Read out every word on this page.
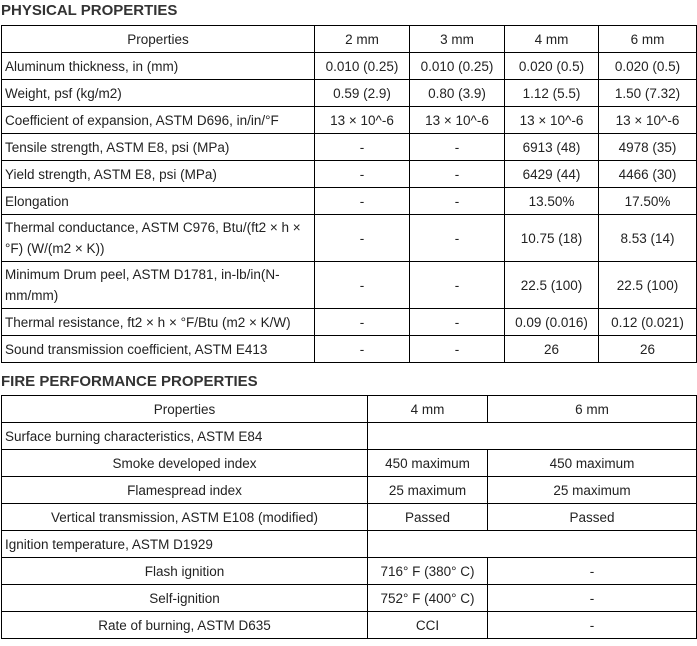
PHYSICAL PROPERTIES
Properties	2 mm	3 mm	4 mm	6 mm
Aluminum thickness, in (mm)	0.010 (0.25)	0.010 (0.25)	0.020 (0.5)	0.020 (0.5)
Weight, psf (kg/m2)	0.59 (2.9)	0.80 (3.9)	1.12 (5.5)	1.50 (7.32)
Coefficient of expansion, ASTM D696, in/in/°F	13 × 10^-6	13 × 10^-6	13 × 10^-6	13 × 10^-6
Tensile strength, ASTM E8, psi (MPa)	-	-	6913 (48)	4978 (35)
Yield strength, ASTM E8, psi (MPa)	-	-	6429 (44)	4466 (30)
Elongation	-	-	13.50%	17.50%
Thermal conductance, ASTM C976, Btu/(ft2 × h × °F) (W/(m2 × K))	-	-	10.75 (18)	8.53 (14)
Minimum Drum peel, ASTM D1781, in-lb/in(N-mm/mm)	-	-	22.5 (100)	22.5 (100)
Thermal resistance, ft2 × h × °F/Btu (m2 × K/W)	-	-	0.09 (0.016)	0.12 (0.021)
Sound transmission coefficient, ASTM E413	-	-	26	26
FIRE PERFORMANCE PROPERTIES
Properties	4 mm	6 mm
Surface burning characteristics, ASTM E84		
Smoke developed index	450 maximum	450 maximum
Flamespread index	25 maximum	25 maximum
Vertical transmission, ASTM E108 (modified)	Passed	Passed
Ignition temperature, ASTM D1929		
Flash ignition	716° F (380° C)	-
Self-ignition	752° F (400° C)	-
Rate of burning, ASTM D635	CCI	-
